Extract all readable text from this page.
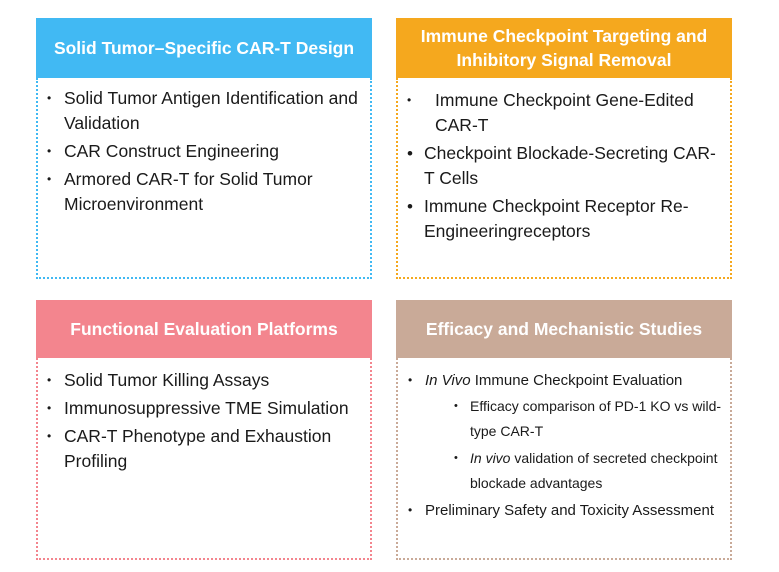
Solid Tumor–Specific CAR-T Design
• Solid Tumor Antigen Identification and Validation
• CAR Construct Engineering
• Armored CAR-T for Solid Tumor Microenvironment
Immune Checkpoint Targeting and Inhibitory Signal Removal
• Immune Checkpoint Gene-Edited CAR-T
• Checkpoint Blockade-Secreting CAR-T Cells
• Immune Checkpoint Receptor Re-Engineeringreceptors
Functional Evaluation Platforms
• Solid Tumor Killing Assays
• Immunosuppressive TME Simulation
• CAR-T Phenotype and Exhaustion Profiling
Efficacy and Mechanistic Studies
• In Vivo Immune Checkpoint Evaluation
• Efficacy comparison of PD-1 KO vs wild-type CAR-T
• In vivo validation of secreted checkpoint blockade advantages
• Preliminary Safety and Toxicity Assessment
